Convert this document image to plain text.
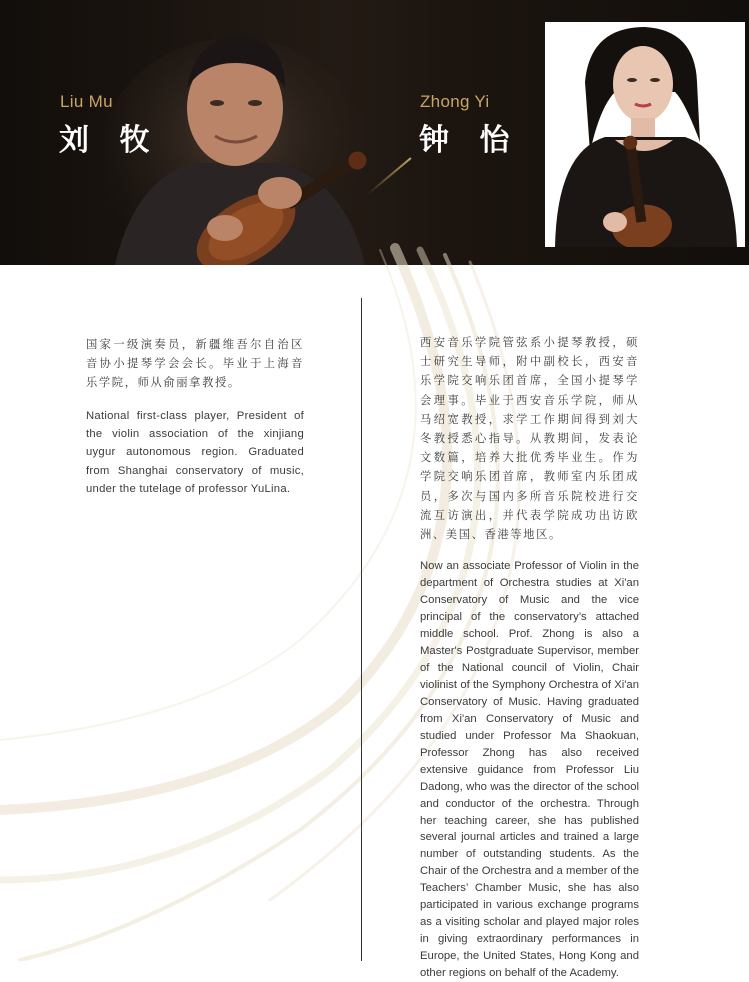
Liu Mu
刘 牧
Zhong Yi
钟 怡

国家一级演奏员，新疆维吾尔自治区音协小提琴学会会长。毕业于上海音乐学院，师从俞丽拿教授。

National first-class player, President of the violin association of the xinjiang uygur autonomous region. Graduated from Shanghai conservatory of music, under the tutelage of professor YuLina.

西安音乐学院管弦系小提琴教授，硕士研究生导师，附中副校长，西安音乐学院交响乐团首席，全国小提琴学会理事。毕业于西安音乐学院，师从马绍宽教授，求学工作期间得到刘大冬教授悉心指导。从教期间，发表论文数篇，培养大批优秀毕业生。作为学院交响乐团首席，教师室内乐团成员，多次与国内多所音乐院校进行交流互访演出，并代表学院成功出访欧洲、美国、香港等地区。

Now an associate Professor of Violin in the department of Orchestra studies at Xi'an Conservatory of Music and the vice principal of the conservatory’s attached middle school. Prof. Zhong is also a Master's Postgraduate Supervisor, member of the National council of Violin, Chair violinist of the Symphony Orchestra of Xi'an Conservatory of Music. Having graduated from Xi'an Conservatory of Music and studied under Professor Ma Shaokuan, Professor Zhong has also received extensive guidance from Professor Liu Dadong, who was the director of the school and conductor of the orchestra. Through her teaching career, she has published several journal articles and trained a large number of outstanding students. As the Chair of the Orchestra and a member of the Teachers’ Chamber Music, she has also participated in various exchange programs as a visiting scholar and played major roles in giving extraordinary performances in Europe, the United States, Hong Kong and other regions on behalf of the Academy.
